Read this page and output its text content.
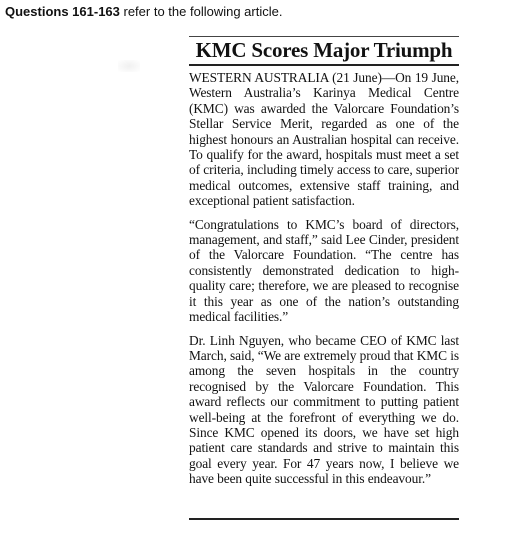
Questions 161-163 refer to the following article.
KMC Scores Major Triumph

WESTERN AUSTRALIA (21 June)—On 19 June, Western Australia’s Karinya Medical Centre (KMC) was awarded the Valorcare Foundation’s Stellar Service Merit, regarded as one of the highest honours an Australian hospital can receive. To qualify for the award, hospitals must meet a set of criteria, including timely access to care, superior medical outcomes, extensive staff training, and exceptional patient satisfaction.

“Congratulations to KMC’s board of directors, management, and staff,” said Lee Cinder, president of the Valorcare Foundation. “The centre has consistently demonstrated dedication to high-quality care; therefore, we are pleased to recognise it this year as one of the nation’s outstanding medical facilities.”

Dr. Linh Nguyen, who became CEO of KMC last March, said, “We are extremely proud that KMC is among the seven hospitals in the country recognised by the Valorcare Foundation. This award reflects our commitment to putting patient well-being at the forefront of everything we do. Since KMC opened its doors, we have set high patient care standards and strive to maintain this goal every year. For 47 years now, I believe we have been quite successful in this endeavour.”
